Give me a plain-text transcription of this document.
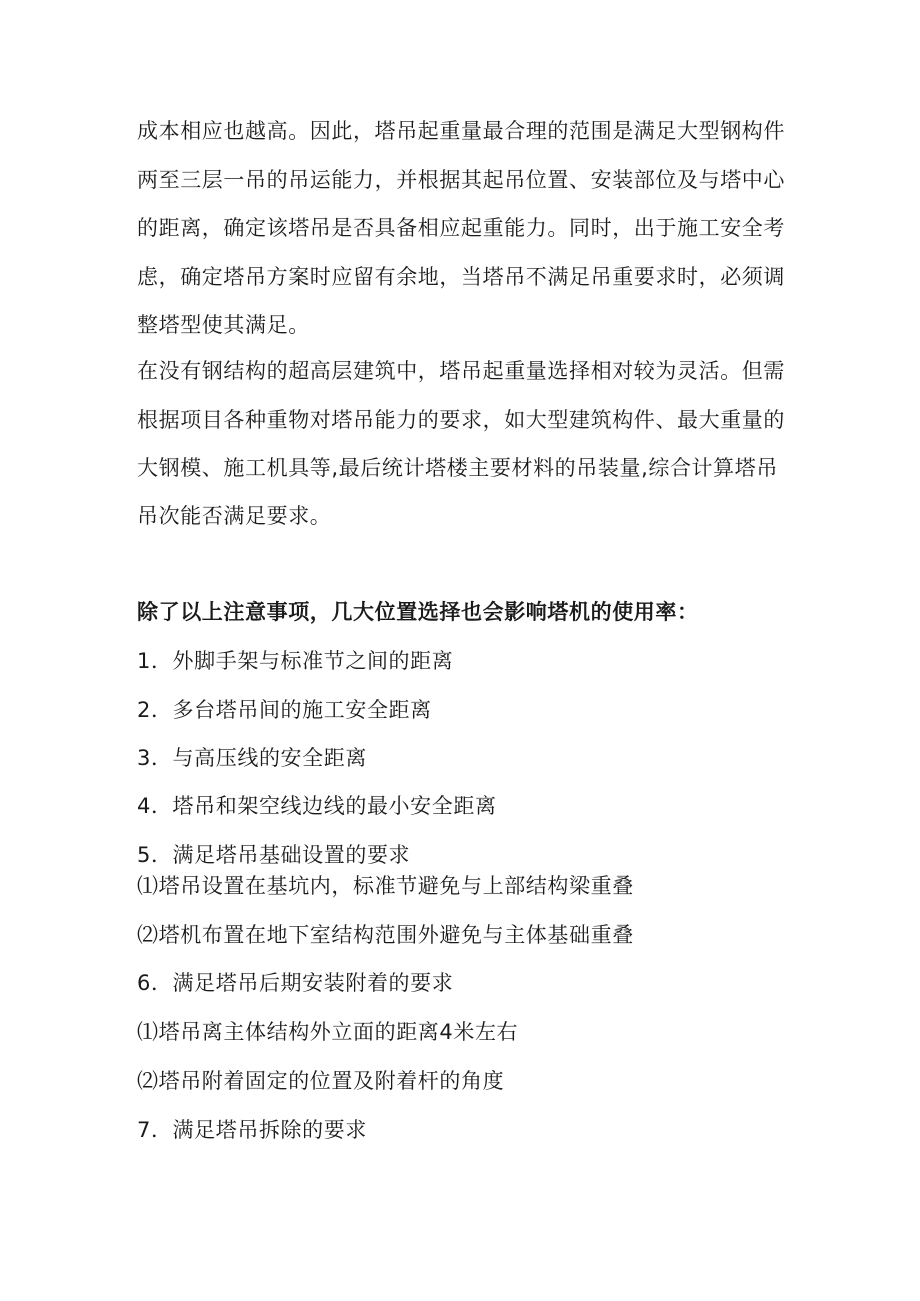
成本相应也越高。因此，塔吊起重量最合理的范围是满足大型钢构件

两至三层一吊的吊运能力，并根据其起吊位置、安装部位及与塔中心

的距离，确定该塔吊是否具备相应起重能力。同时，出于施工安全考

虑，确定塔吊方案时应留有余地，当塔吊不满足吊重要求时，必须调

整塔型使其满足。

在没有钢结构的超高层建筑中，塔吊起重量选择相对较为灵活。但需

根据项目各种重物对塔吊能力的要求，如大型建筑构件、最大重量的

大钢模、施工机具等,最后统计塔楼主要材料的吊装量,综合计算塔吊

吊次能否满足要求。

除了以上注意事项，几大位置选择也会影响塔机的使用率：

1．外脚手架与标准节之间的距离

2．多台塔吊间的施工安全距离

3．与高压线的安全距离

4．塔吊和架空线边线的最小安全距离

5．满足塔吊基础设置的要求

⑴塔吊设置在基坑内，标准节避免与上部结构梁重叠

⑵塔机布置在地下室结构范围外避免与主体基础重叠

6．满足塔吊后期安装附着的要求

⑴塔吊离主体结构外立面的距离4米左右

⑵塔吊附着固定的位置及附着杆的角度

7．满足塔吊拆除的要求
